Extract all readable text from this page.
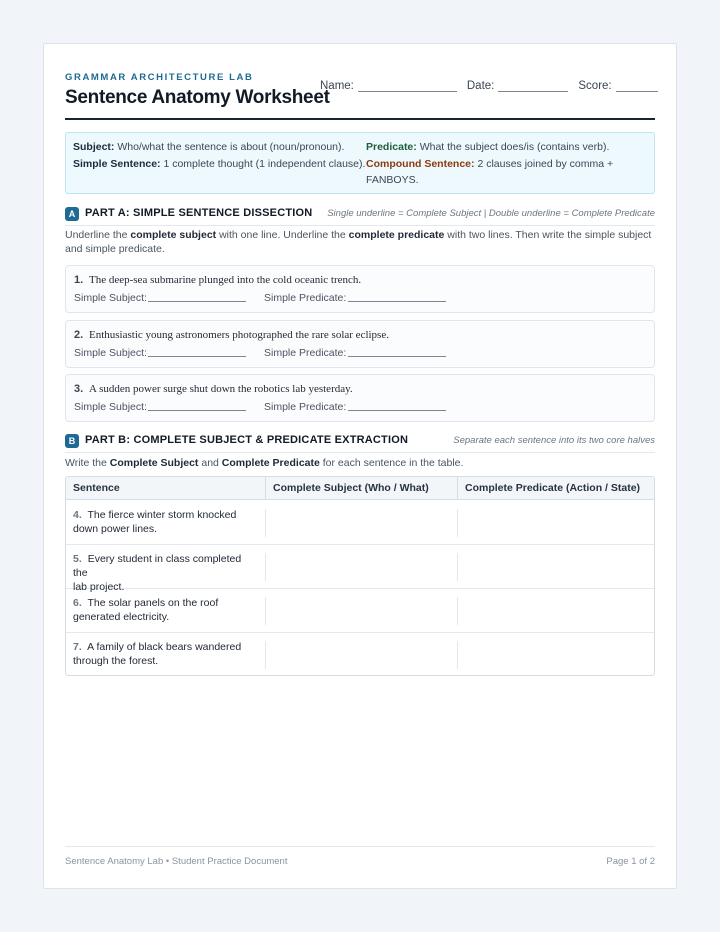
GRAMMAR ARCHITECTURE LAB
Sentence Anatomy Worksheet
Name:	Date:	Score:
Subject: Who/what the sentence is about (noun/pronoun). Predicate: What the subject does/is (contains verb).
Simple Sentence: 1 complete thought (1 independent clause). Compound Sentence: 2 clauses joined by comma +
FANBOYS.
A PART A: SIMPLE SENTENCE DISSECTION Single underline = Complete Subject | Double underline = Complete Predicate
Underline the complete subject with one line. Underline the complete predicate with two lines. Then write the simple subject
and simple predicate.
1. The deep-sea submarine plunged into the cold oceanic trench.
Simple Subject:	Simple Predicate:
2. Enthusiastic young astronomers photographed the rare solar eclipse.
Simple Subject:	Simple Predicate:
3. A sudden power surge shut down the robotics lab yesterday.
Simple Subject:	Simple Predicate:
B PART B: COMPLETE SUBJECT & PREDICATE EXTRACTION	Separate each sentence into its two core halves
Write the Complete Subject and Complete Predicate for each sentence in the table.
Sentence	Complete Subject (Who / What)	Complete Predicate (Action / State)
4. The fierce winter storm knocked
down power lines.
5. Every student in class completed the
lab project.
6. The solar panels on the roof
generated electricity.
7. A family of black bears wandered
through the forest.
Sentence Anatomy Lab • Student Practice Document	Page 1 of 2
